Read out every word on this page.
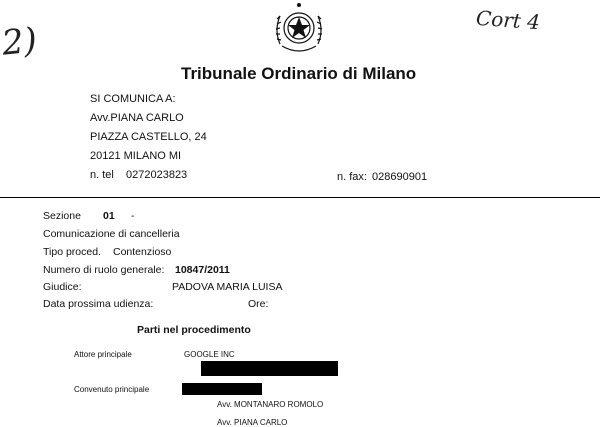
2)
Cort 4
Tribunale Ordinario di Milano
SI COMUNICA A:
Avv.PIANA CARLO
PIAZZA CASTELLO, 24
20121 MILANO MI
n. tel 0272023823	n. fax: 028690901
Sezione 01 -
Comunicazione di cancelleria
Tipo proced. Contenzioso
Numero di ruolo generale: 10847/2011
Giudice:	PADOVA MARIA LUISA
Data prossima udienza:	Ore:
Parti nel procedimento
Attore principale	GOOGLE INC
Convenuto principale
Avv. MONTANARO ROMOLO
Avv. PIANA CARLO
